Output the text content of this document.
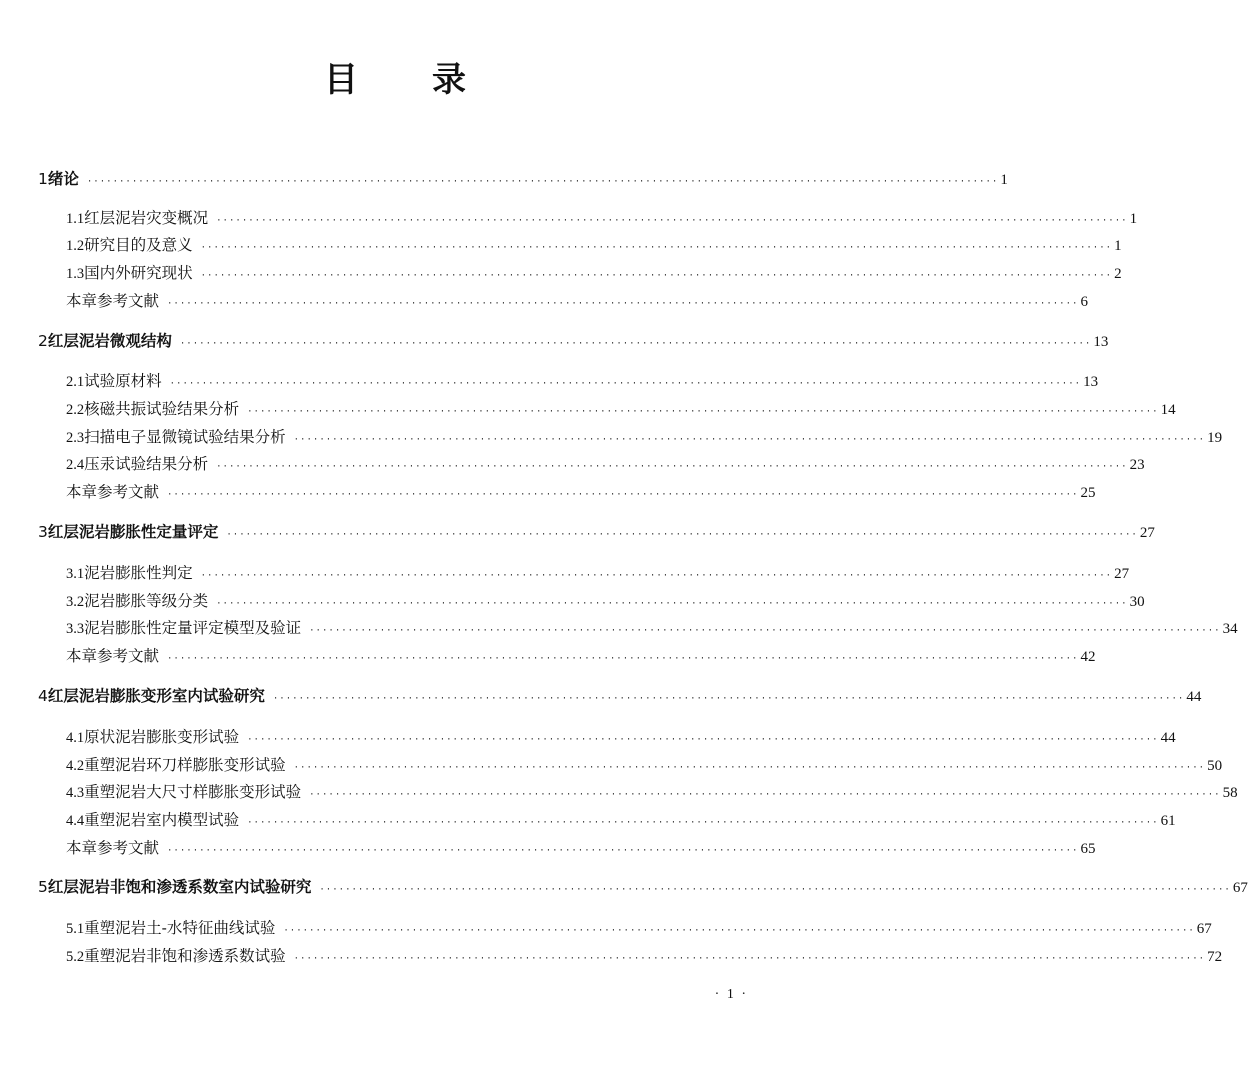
目 录
1 绪论 ·············································································································································· 1
1.1 红层泥岩灾变概况 ·············································································································································· 1
1.2 研究目的及意义 ·············································································································································· 1
1.3 国内外研究现状 ·············································································································································· 2
本章参考文献 ·············································································································································· 6
2 红层泥岩微观结构 ·············································································································································· 13
2.1 试验原材料 ·············································································································································· 13
2.2 核磁共振试验结果分析 ·············································································································································· 14
2.3 扫描电子显微镜试验结果分析 ·············································································································································· 19
2.4 压汞试验结果分析 ·············································································································································· 23
本章参考文献 ·············································································································································· 25
3 红层泥岩膨胀性定量评定 ·············································································································································· 27
3.1 泥岩膨胀性判定 ·············································································································································· 27
3.2 泥岩膨胀等级分类 ·············································································································································· 30
3.3 泥岩膨胀性定量评定模型及验证 ·············································································································································· 34
本章参考文献 ·············································································································································· 42
4 红层泥岩膨胀变形室内试验研究 ·············································································································································· 44
4.1 原状泥岩膨胀变形试验 ·············································································································································· 44
4.2 重塑泥岩环刀样膨胀变形试验 ·············································································································································· 50
4.3 重塑泥岩大尺寸样膨胀变形试验 ·············································································································································· 58
4.4 重塑泥岩室内模型试验 ·············································································································································· 61
本章参考文献 ·············································································································································· 65
5 红层泥岩非饱和渗透系数室内试验研究 ·············································································································································· 67
5.1 重塑泥岩土-水特征曲线试验 ·············································································································································· 67
5.2 重塑泥岩非饱和渗透系数试验 ·············································································································································· 72
· 1 ·
